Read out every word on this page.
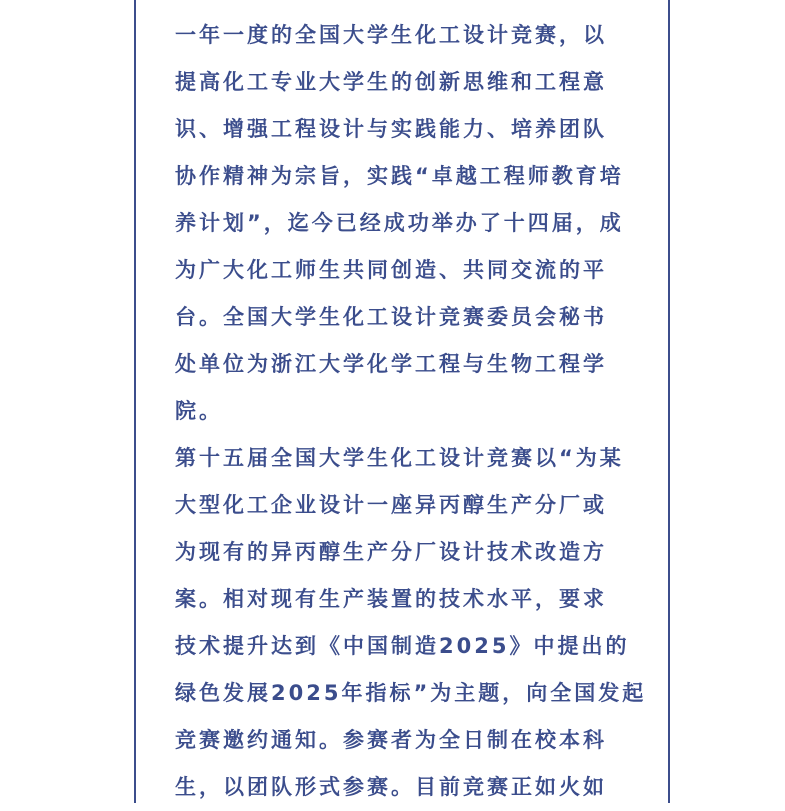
一年一度的全国大学生化工设计竞赛，以
提高化工专业大学生的创新思维和工程意
识、增强工程设计与实践能力、培养团队
协作精神为宗旨，实践“卓越工程师教育培
养计划”，迄今已经成功举办了十四届，成
为广大化工师生共同创造、共同交流的平
台。全国大学生化工设计竞赛委员会秘书
处单位为浙江大学化学工程与生物工程学
院。
第十五届全国大学生化工设计竞赛以“为某
大型化工企业设计一座异丙醇生产分厂或
为现有的异丙醇生产分厂设计技术改造方
案。相对现有生产装置的技术水平，要求
技术提升达到《中国制造2025》中提出的
绿色发展2025年指标”为主题，向全国发起
竞赛邀约通知。参赛者为全日制在校本科
生，以团队形式参赛。目前竞赛正如火如
